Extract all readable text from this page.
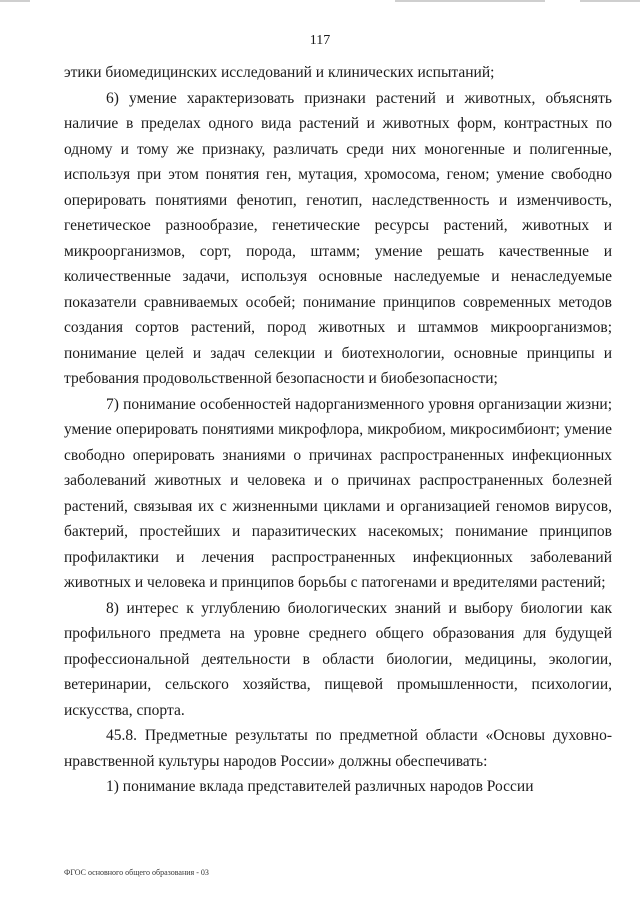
117

этики биомедицинских исследований и клинических испытаний;

6) умение характеризовать признаки растений и животных, объяснять наличие в пределах одного вида растений и животных форм, контрастных по одному и тому же признаку, различать среди них моногенные и полигенные, используя при этом понятия ген, мутация, хромосома, геном; умение свободно оперировать понятиями фенотип, генотип, наследственность и изменчивость, генетическое разнообразие, генетические ресурсы растений, животных и микроорганизмов, сорт, порода, штамм; умение решать качественные и количественные задачи, используя основные наследуемые и ненаследуемые показатели сравниваемых особей; понимание принципов современных методов создания сортов растений, пород животных и штаммов микроорганизмов; понимание целей и задач селекции и биотехнологии, основные принципы и требования продовольственной безопасности и биобезопасности;

7) понимание особенностей надорганизменного уровня организации жизни; умение оперировать понятиями микрофлора, микробиом, микросимбионт; умение свободно оперировать знаниями о причинах распространенных инфекционных заболеваний животных и человека и о причинах распространенных болезней растений, связывая их с жизненными циклами и организацией геномов вирусов, бактерий, простейших и паразитических насекомых; понимание принципов профилактики и лечения распространенных инфекционных заболеваний животных и человека и принципов борьбы с патогенами и вредителями растений;

8) интерес к углублению биологических знаний и выбору биологии как профильного предмета на уровне среднего общего образования для будущей профессиональной деятельности в области биологии, медицины, экологии, ветеринарии, сельского хозяйства, пищевой промышленности, психологии, искусства, спорта.

45.8. Предметные результаты по предметной области «Основы духовно-нравственной культуры народов России» должны обеспечивать:

1) понимание вклада представителей различных народов России

ФГОС основного общего образования - 03
